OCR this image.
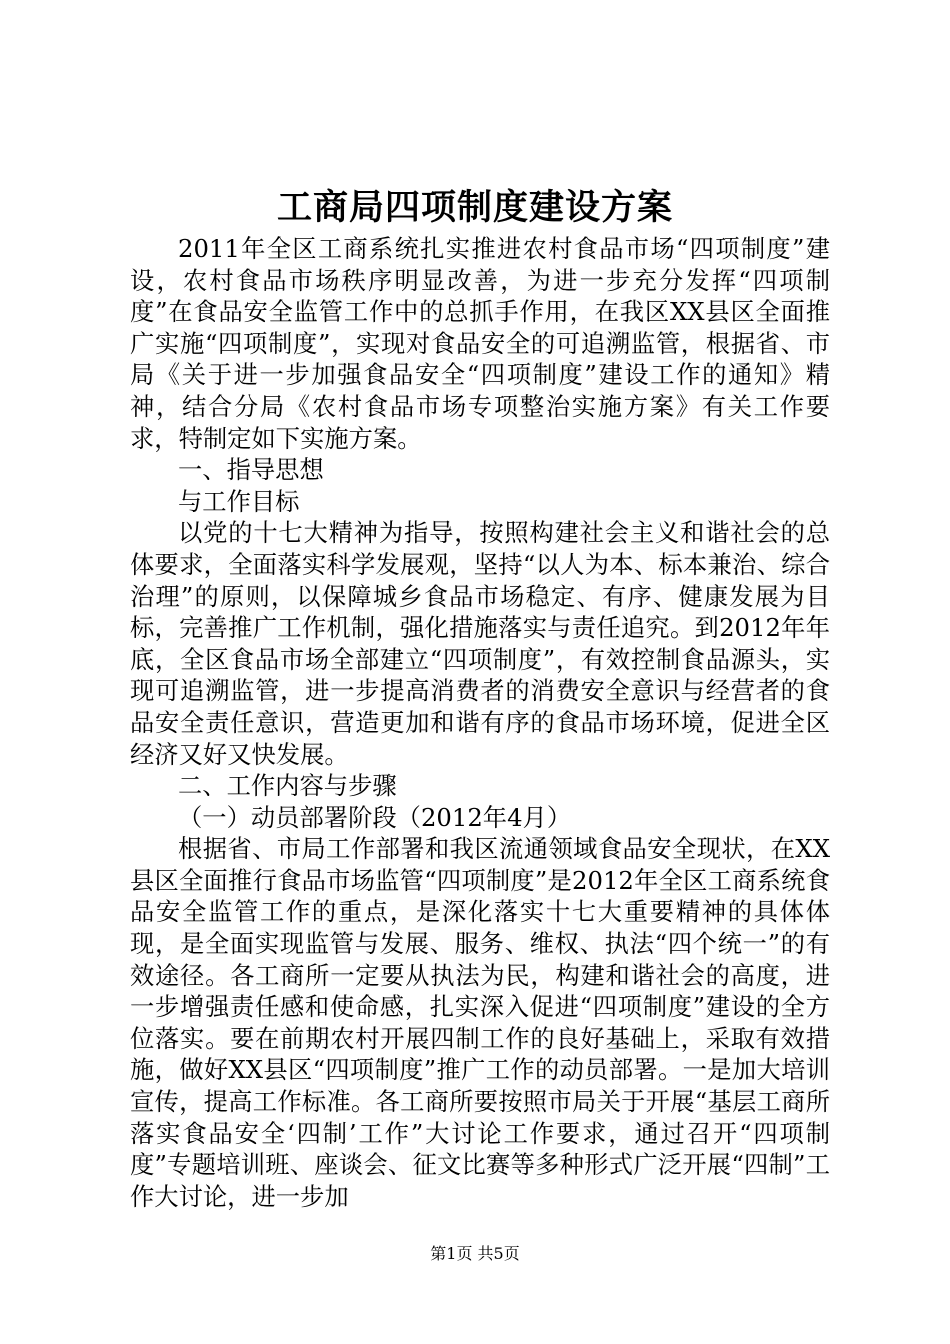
工商局四项制度建设方案

2011年全区工商系统扎实推进农村食品市场“四项制度”建设，农村食品市场秩序明显改善，为进一步充分发挥“四项制度”在食品安全监管工作中的总抓手作用，在我区XX县区全面推广实施“四项制度”，实现对食品安全的可追溯监管，根据省、市局《关于进一步加强食品安全“四项制度”建设工作的通知》精神，结合分局《农村食品市场专项整治实施方案》有关工作要求，特制定如下实施方案。

一、指导思想

与工作目标

以党的十七大精神为指导，按照构建社会主义和谐社会的总体要求，全面落实科学发展观，坚持“以人为本、标本兼治、综合治理”的原则，以保障城乡食品市场稳定、有序、健康发展为目标，完善推广工作机制，强化措施落实与责任追究。到2012年年底，全区食品市场全部建立“四项制度”，有效控制食品源头，实现可追溯监管，进一步提高消费者的消费安全意识与经营者的食品安全责任意识，营造更加和谐有序的食品市场环境，促进全区经济又好又快发展。

二、工作内容与步骤

（一）动员部署阶段（2012年4月）

根据省、市局工作部署和我区流通领域食品安全现状，在XX县区全面推行食品市场监管“四项制度”是2012年全区工商系统食品安全监管工作的重点，是深化落实十七大重要精神的具体体现，是全面实现监管与发展、服务、维权、执法“四个统一”的有效途径。各工商所一定要从执法为民，构建和谐社会的高度，进一步增强责任感和使命感，扎实深入促进“四项制度”建设的全方位落实。要在前期农村开展四制工作的良好基础上，采取有效措施，做好XX县区“四项制度”推广工作的动员部署。一是加大培训宣传，提高工作标准。各工商所要按照市局关于开展“基层工商所落实食品安全‘四制’工作”大讨论工作要求，通过召开“四项制度”专题培训班、座谈会、征文比赛等多种形式广泛开展“四制”工作大讨论，进一步加

第1页 共5页
